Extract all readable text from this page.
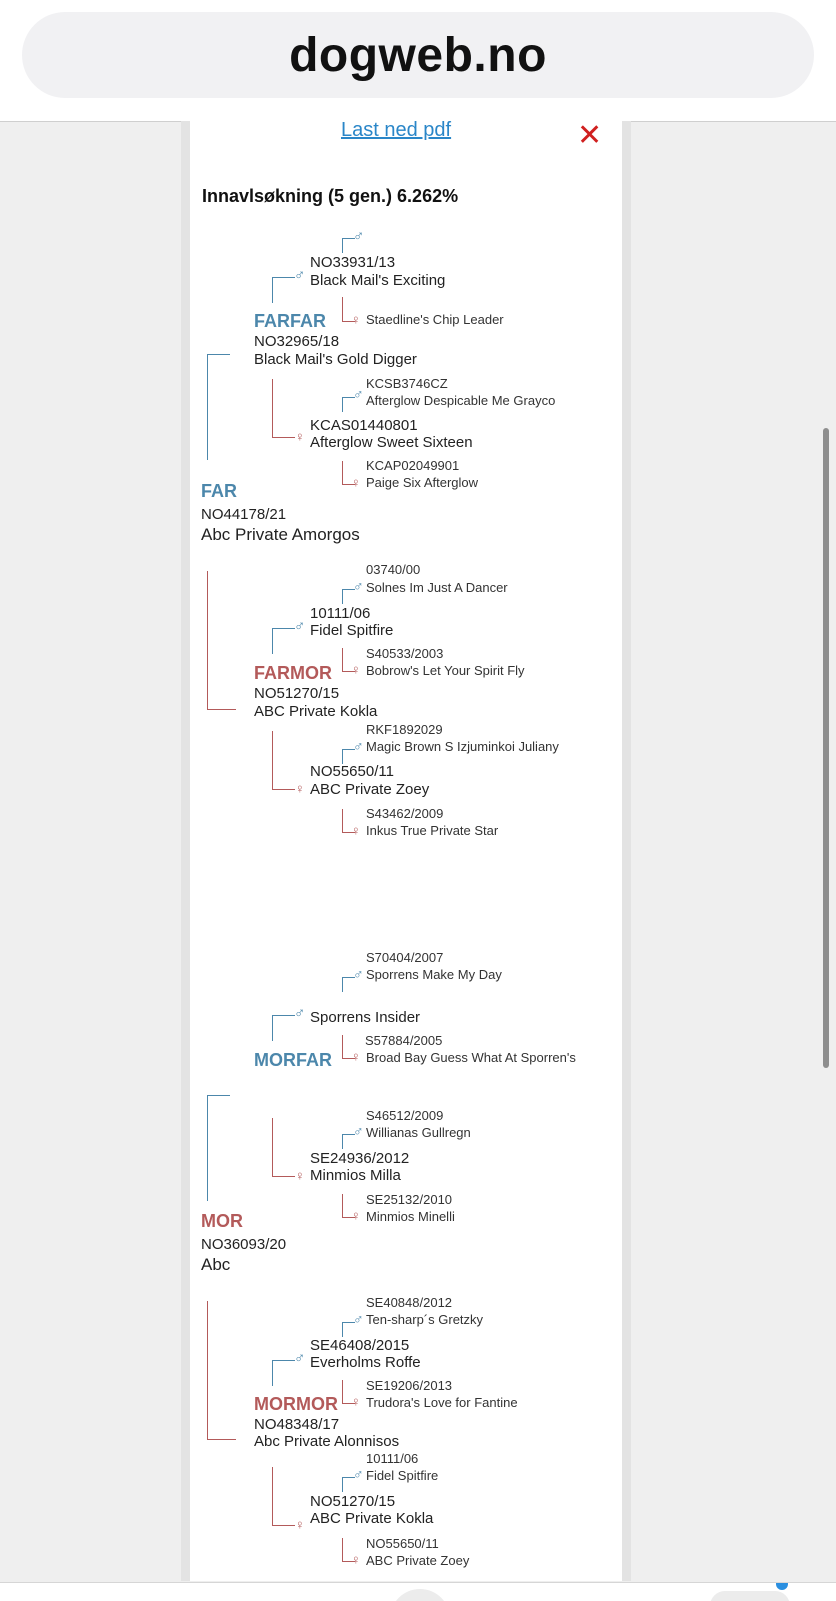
dogweb.no
Last ned pdf	✕
Innavlsøkning (5 gen.) 6.262%
♂
♂
NO33931/13
Black Mail's Exciting
♀ Staedline's Chip Leader
FARFAR
NO32965/18
Black Mail's Gold Digger
♀
♂
KCSB3746CZ
Afterglow Despicable Me Grayco
KCAS01440801
Afterglow Sweet Sixteen
♀
KCAP02049901
Paige Six Afterglow
FAR
NO44178/21
Abc Private Amorgos
♂
♂
03740/00
Solnes Im Just A Dancer
10111/06
Fidel Spitfire
♀
S40533/2003
Bobrow's Let Your Spirit Fly
FARMOR
NO51270/15
ABC Private Kokla
♀
♂
RKF1892029
Magic Brown S Izjuminkoi Juliany
NO55650/11
ABC Private Zoey
♀
S43462/2009
Inkus True Private Star
♂
♂
S70404/2007
Sporrens Make My Day
Sporrens Insider
♀
S57884/2005
Broad Bay Guess What At Sporren's
MORFAR
♀
♂
S46512/2009
Willianas Gullregn
SE24936/2012
Minmios Milla
♀
SE25132/2010
Minmios Minelli
MOR
NO36093/20
Abc
♂
♂
SE40848/2012
Ten-sharp´s Gretzky
SE46408/2015
Everholms Roffe
♀
SE19206/2013
Trudora's Love for Fantine
MORMOR
NO48348/17
Abc Private Alonnisos
♀
♂
10111/06
Fidel Spitfire
NO51270/15
ABC Private Kokla
♀
NO55650/11
ABC Private Zoey
